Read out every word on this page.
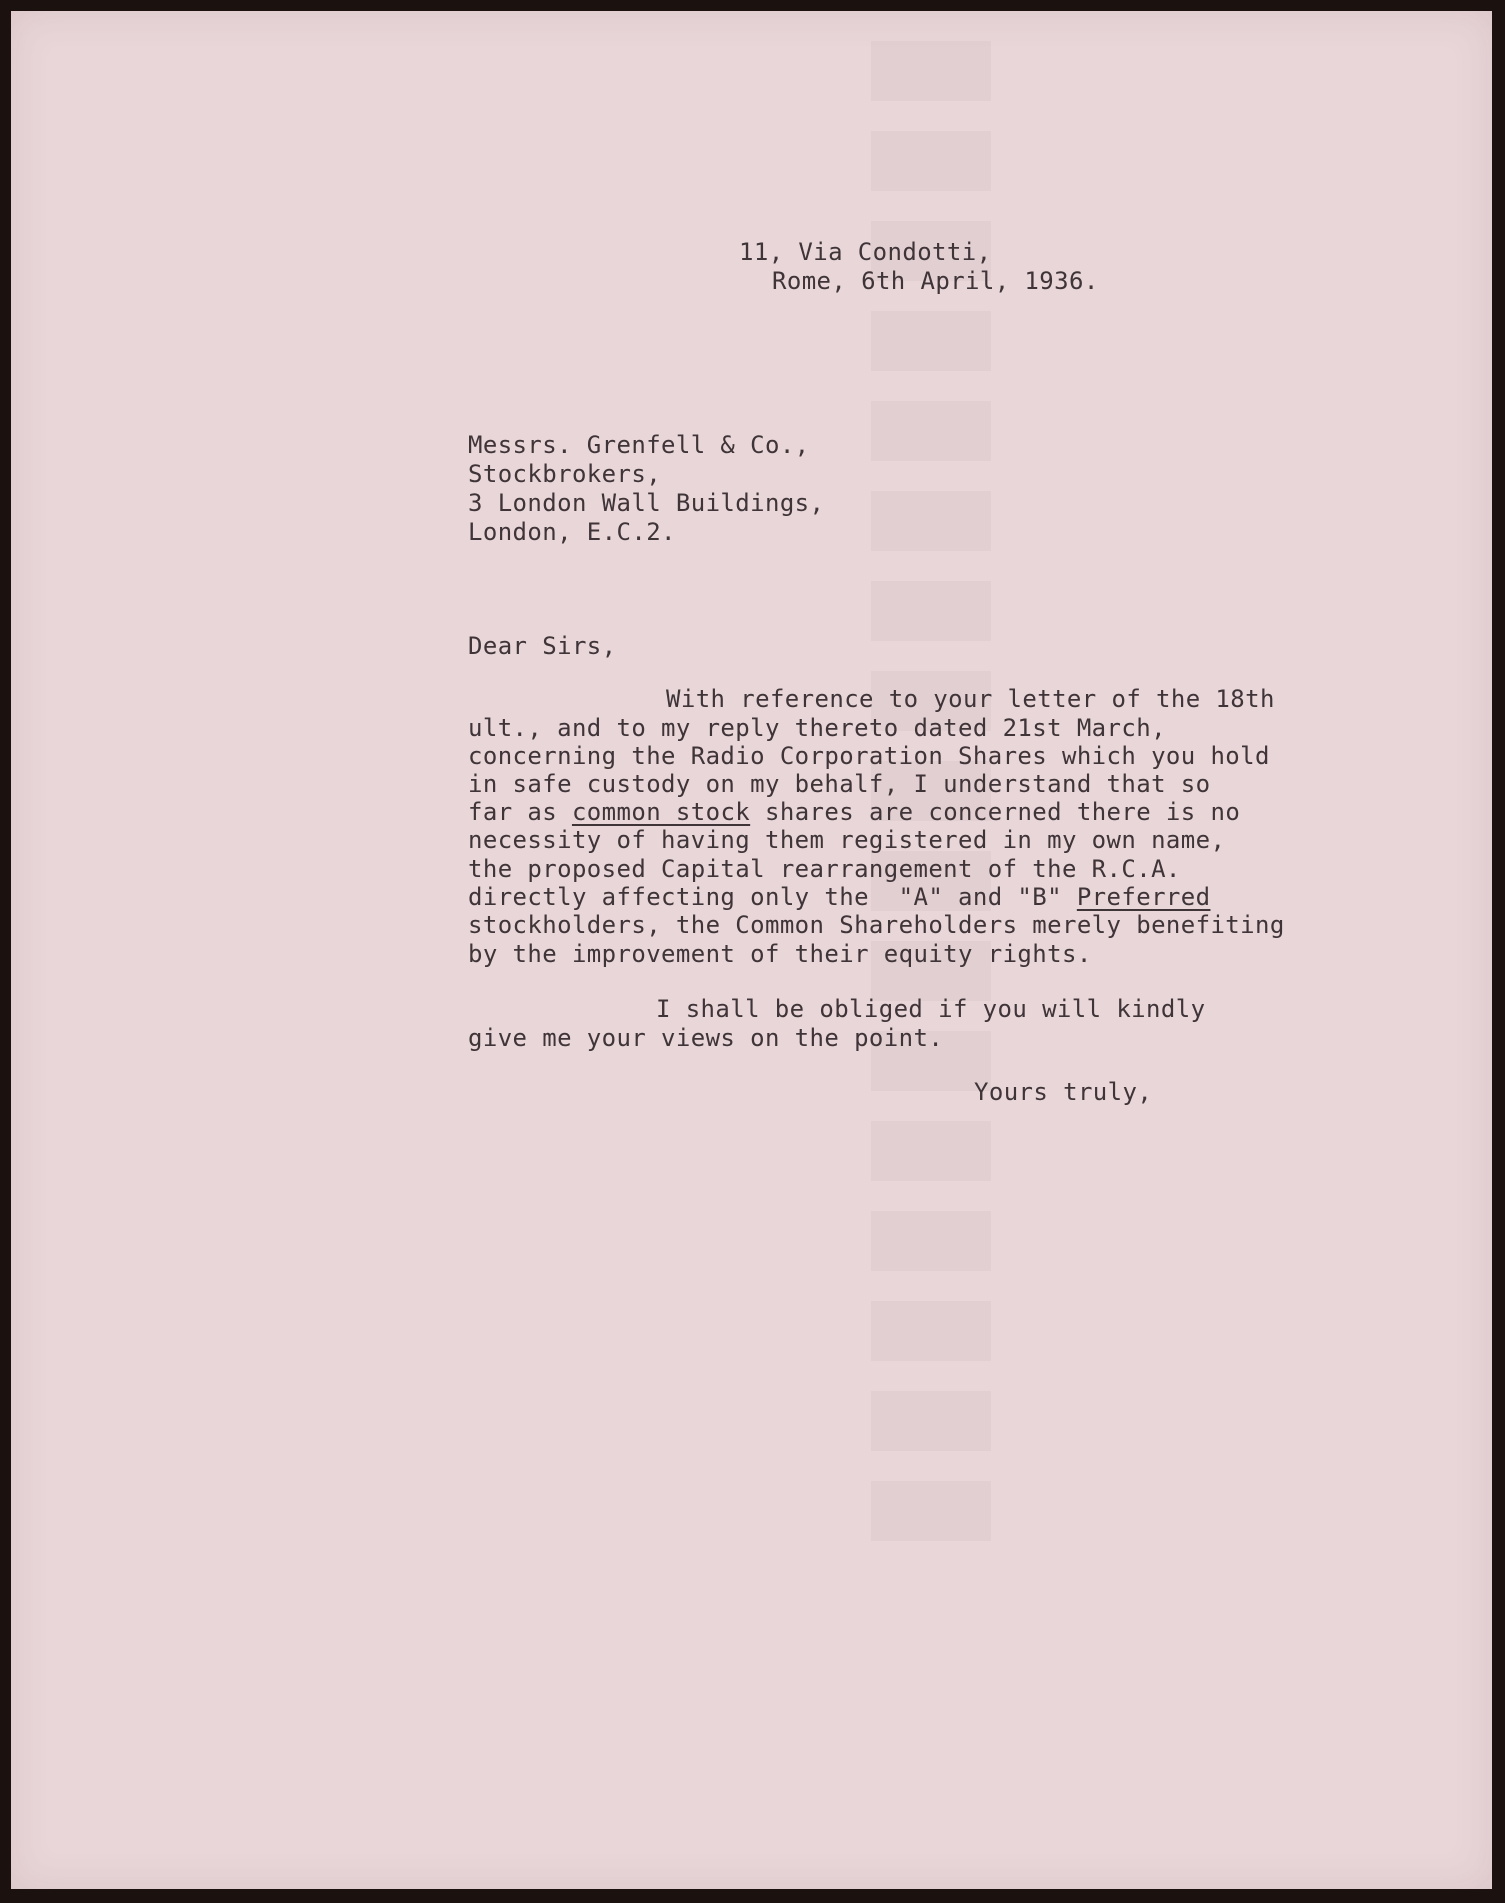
11, Via Condotti,
Rome, 6th April, 1936.
Messrs. Grenfell & Co.,
Stockbrokers,
3 London Wall Buildings,
London, E.C.2.
Dear Sirs,
With reference to your letter of the 18th
ult., and to my reply thereto dated 21st March,
concerning the Radio Corporation Shares which you hold
in safe custody on my behalf, I understand that so
far as common stock shares are concerned there is no
necessity of having them registered in my own name,
the proposed Capital rearrangement of the R.C.A.
directly affecting only the  "A" and "B" Preferred
stockholders, the Common Shareholders merely benefiting
by the improvement of their equity rights.
I shall be obliged if you will kindly
give me your views on the point.
Yours truly,
